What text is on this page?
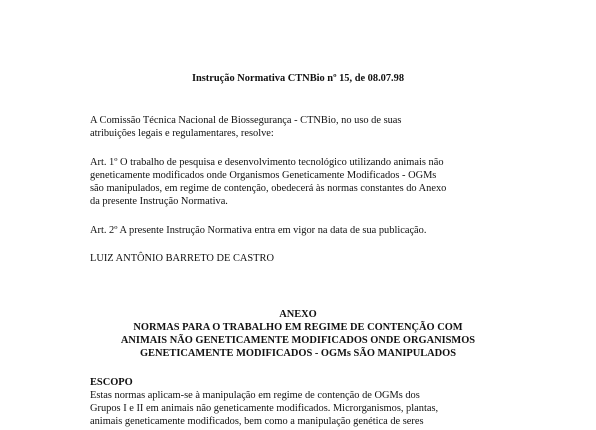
Instrução Normativa CTNBio nº 15, de 08.07.98
A Comissão Técnica Nacional de Biossegurança - CTNBio, no uso de suas
atribuições legais e regulamentares, resolve:
Art. 1º O trabalho de pesquisa e desenvolvimento tecnológico utilizando animais não
geneticamente modificados onde Organismos Geneticamente Modificados - OGMs
são manipulados, em regime de contenção, obedecerá às normas constantes do Anexo
da presente Instrução Normativa.
Art. 2º A presente Instrução Normativa entra em vigor na data de sua publicação.
LUIZ ANTÔNIO BARRETO DE CASTRO
ANEXO
NORMAS PARA O TRABALHO EM REGIME DE CONTENÇÃO COM
ANIMAIS NÃO GENETICAMENTE MODIFICADOS ONDE ORGANISMOS
GENETICAMENTE MODIFICADOS - OGMs SÃO MANIPULADOS
ESCOPO
Estas normas aplicam-se à manipulação em regime de contenção de OGMs dos
Grupos I e II em animais não geneticamente modificados. Microrganismos, plantas,
animais geneticamente modificados, bem como a manipulação genética de seres
